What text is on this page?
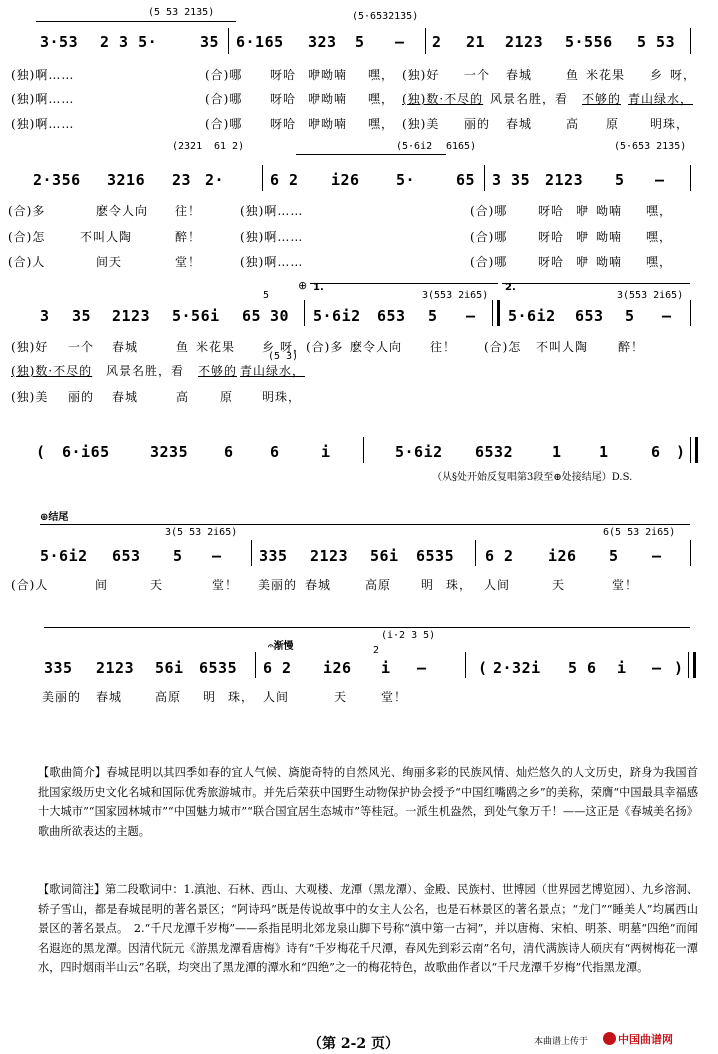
(5 53 2135)	(5·6532135)
3·53 2 3 5·	35 6·165 323 5 – 2 21 2123 5·556 5 53
(独)啊……	(合)哪 呀哈 咿呦喃 嘿， (独)好 一个 春城	鱼 米花果 乡 呀，
(独)啊……	(合)哪 呀哈 咿呦喃 嘿， (独)数·不尽的 风景名胜，看 不够的 青山绿水，
(独)啊……	(合)哪 呀哈 咿呦喃 嘿， (独)美 丽的 春城	高 原	明珠，
(2321 61 2)	(5·6i2 6165)	(5·653 2135)
2·356 3216 23 2·	6 2 i26 5·	65 3 35 2123 5 –
(合)多	麽令人向 往！	(独)啊……	(合)哪	呀哈 咿 呦喃 嘿，
(合)怎	不叫人陶	醉！	(独)啊……	(合)哪	呀哈 咿 呦喃 嘿，
(合)人	间天	堂！	(独)啊……	(合)哪	呀哈 咿 呦喃 嘿，
5	3(553 2i65)	3(553 2i65)
1.	2.
⊕
3 35 2123 5·56i 65 30 5·6i2 653 5 – 5·6i2 653 5 –
(独)好 一个 春城	鱼 米花果 乡 呀， (合)多 麽令人向 往！ (合)怎 不叫人陶 醉！
(5 3)
(独)数·不尽的 风景名胜，看 不够的 青山绿水，
(独)美 丽的 春城	高	原 明珠，
( 6·i65	3235 6 6	i	5·6i2 6532	1 1	6 )
（从§处开始反复唱第3段至⊕处接结尾）D.S.
⊕结尾
3(5 53 2i65)	6(5 53 2i65)
5·6i2 653 5 – 335 2123 56i 6535 6 2 i26 5 –
(合)人	间	天	堂！ 美丽的 春城	高原 明 珠， 人间	天	堂！
𝄐渐慢
(i·2 3 5)
2
335 2123 56i 6535 6 2 i26 i –	( 2·32i 5 6 i – )
美丽的 春城	高原 明 珠， 人间	天	堂！
【歌曲简介】春城昆明以其四季如春的宜人气候、旖旎奇特的自然风光、绚丽多彩的民族风情、灿烂悠久的人文历史，跻身为我国首批国家级历史文化名城和国际优秀旅游城市。并先后荣获中国野生动物保护协会授予“中国红嘴鸥之乡”的美称，荣膺“中国最具幸福感十大城市”“国家园林城市”“中国魅力城市”“联合国宜居生态城市”等桂冠。一派生机盎然，到处气象万千！——这正是《春城美名扬》歌曲所欲表达的主题。
【歌词简注】第二段歌词中：1.滇池、石林、西山、大观楼、龙潭（黑龙潭）、金殿、民族村、世博园（世界园艺博览园）、九乡溶洞、轿子雪山，都是春城昆明的著名景区；“阿诗玛”既是传说故事中的女主人公名，也是石林景区的著名景点；“龙门”“睡美人”均属西山景区的著名景点。　2.“千尺龙潭千岁梅”——系指昆明北郊龙泉山脚下号称“滇中第一古祠”，并以唐梅、宋柏、明茶、明墓“四绝”而闻名遐迩的黑龙潭。因清代阮元《游黑龙潭看唐梅》诗有“千岁梅花千尺潭，春风先到彩云南”名句，清代满族诗人硕庆有“两树梅花一潭水，四时烟雨半山云”名联，均突出了黑龙潭的潭水和“四绝”之一的梅花特色，故歌曲作者以“千尺龙潭千岁梅”代指黑龙潭。
（第 2-2 页）	本曲谱上传于	中国曲谱网
